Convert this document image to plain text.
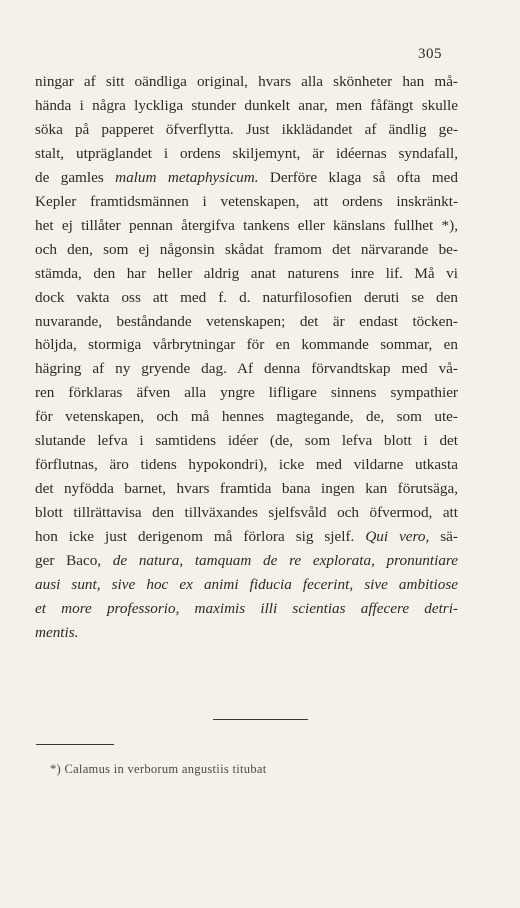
305
ningar af sitt oändliga original, hvars alla skönheter han må-
hända i några lyckliga stunder dunkelt anar, men fåfängt skulle
söka på papperet öfverflytta. Just ikklädandet af ändlig ge-
stalt, utpräglandet i ordens skiljemynt, är idéernas syndafall,
de gamles malum metaphysicum. Derföre klaga så ofta med
Kepler framtidsmännen i vetenskapen, att ordens inskränkt-
het ej tillåter pennan återgifva tankens eller känslans fullhet *),
och den, som ej någonsin skådat framom det närvarande be-
stämda, den har heller aldrig anat naturens inre lif. Må vi
dock vakta oss att med f. d. naturfilosofien deruti se den
nuvarande, beståndande vetenskapen; det är endast töcken-
höljda, stormiga vårbrytningar för en kommande sommar, en
hägring af ny gryende dag. Af denna förvandtskap med vå-
ren förklaras äfven alla yngre lifligare sinnens sympathier
för vetenskapen, och må hennes magtegande, de, som ute-
slutande lefva i samtidens idéer (de, som lefva blott i det
förflutnas, äro tidens hypokondri), icke med vildarne utkasta
det nyfödda barnet, hvars framtida bana ingen kan förutsäga,
blott tillrättavisa den tillväxandes sjelfsvåld och öfvermod, att
hon icke just derigenom må förlora sig sjelf. Qui vero, sä-
ger Baco, de natura, tamquam de re explorata, pronuntiare
ausi sunt, sive hoc ex animi fiducia fecerint, sive ambitiose
et more professorio, maximis illi scientias affecere detri-
mentis.
*) Calamus in verborum angustiis titubat
